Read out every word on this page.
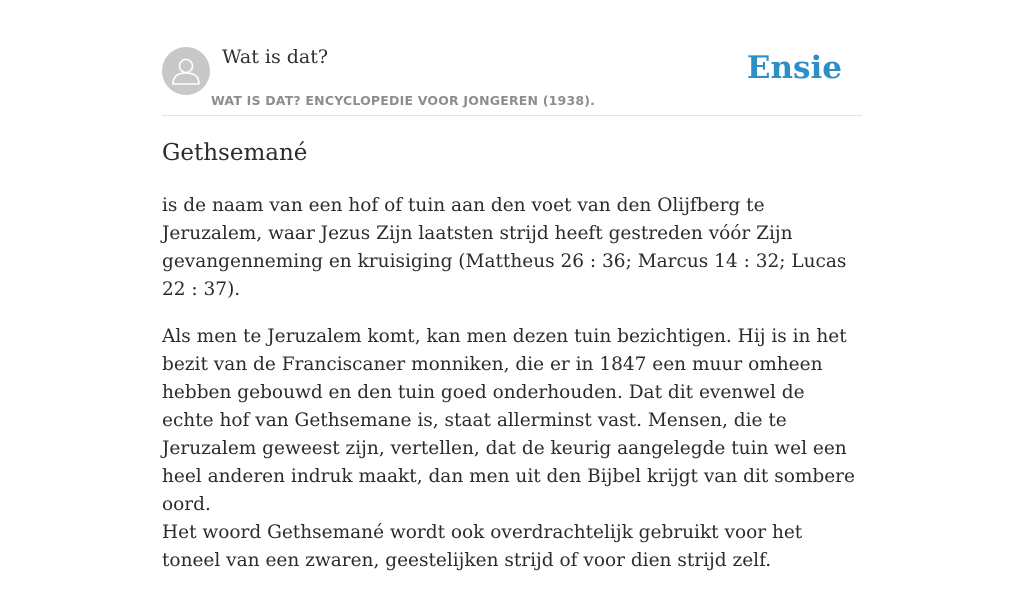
Wat is dat?
WAT IS DAT? ENCYCLOPEDIE VOOR JONGEREN (1938).
Ensie
Gethsemané

is de naam van een hof of tuin aan den voet van den Olijfberg te Jeruzalem, waar Jezus Zijn laatsten strijd heeft gestreden vóór Zijn gevangenneming en kruisiging (Mattheus 26 : 36; Marcus 14 : 32; Lucas 22 : 37).

Als men te Jeruzalem komt, kan men dezen tuin bezichtigen. Hij is in het bezit van de Franciscaner monniken, die er in 1847 een muur omheen hebben gebouwd en den tuin goed onderhouden. Dat dit evenwel de echte hof van Gethsemane is, staat allerminst vast. Mensen, die te Jeruzalem geweest zijn, vertellen, dat de keurig aangelegde tuin wel een heel anderen indruk maakt, dan men uit den Bijbel krijgt van dit sombere oord.

Het woord Gethsemané wordt ook overdrachtelijk gebruikt voor het toneel van een zwaren, geestelijken strijd of voor dien strijd zelf.
